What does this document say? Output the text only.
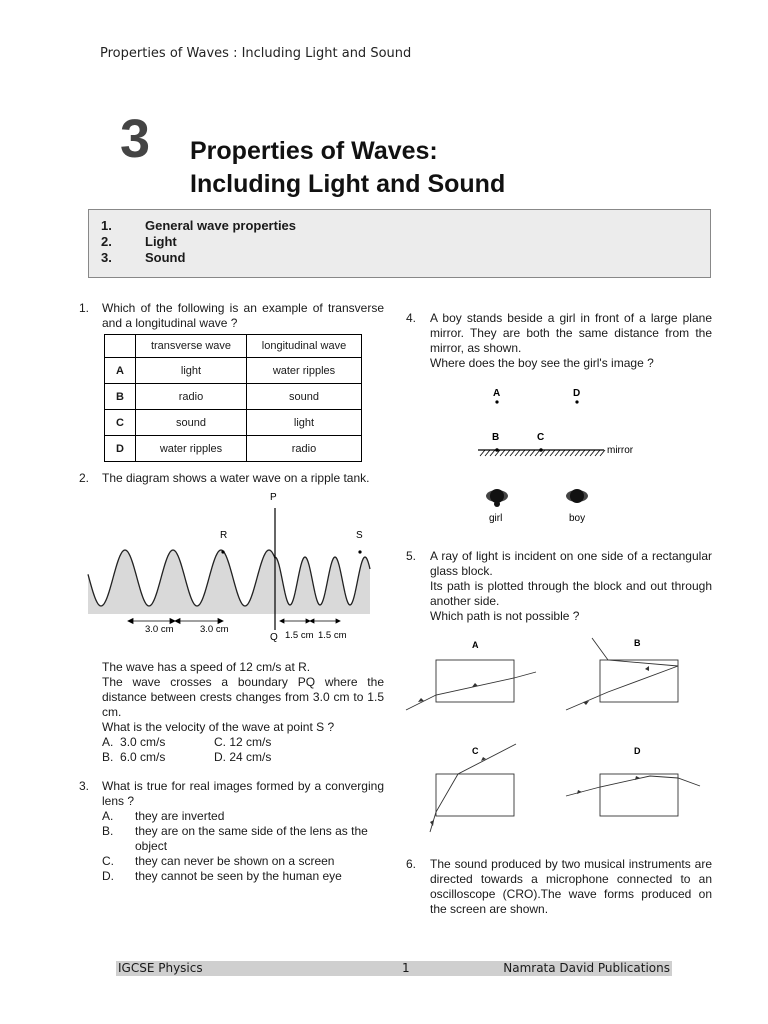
Properties of Waves : Including Light and Sound
3 Properties of Waves:
Including Light and Sound
1.	General wave properties
2.	Light
3.	Sound
1. Which of the following is an example of transverse and a longitudinal wave ?
	transverse wave	longitudinal wave
A	light	water ripples
B	radio	sound
C	sound	light
D	water ripples	radio
2. The diagram shows a water wave on a ripple tank.
P
Q
R	S
3.0 cm	3.0 cm
1.5 cm 1.5 cm
The wave has a speed of 12 cm/s at R.
The wave crosses a boundary PQ where the distance between crests changes from 3.0 cm to 1.5 cm.
What is the velocity of the wave at point S ?
A. 3.0 cm/s
B. 6.0 cm/s
C. 12 cm/s
D. 24 cm/s
3. What is true for real images formed by a converging lens ?
A. they are inverted
B. they are on the same side of the lens as the object
C. they can never be shown on a screen
D. they cannot be seen by the human eye
4. A boy stands beside a girl in front of a large plane mirror. They are both the same distance from the mirror, as shown.
Where does the boy see the girl's image ?
A	D
B	C
mirror
girl	boy
5. A ray of light is incident on one side of a rectangular glass block.
Its path is plotted through the block and out through another side.
Which path is not possible ?
A	B
C	D
6. The sound produced by two musical instruments are directed towards a microphone connected to an oscilloscope (CRO).The wave forms produced on the screen are shown.
IGCSE Physics	1	Namrata David Publications
